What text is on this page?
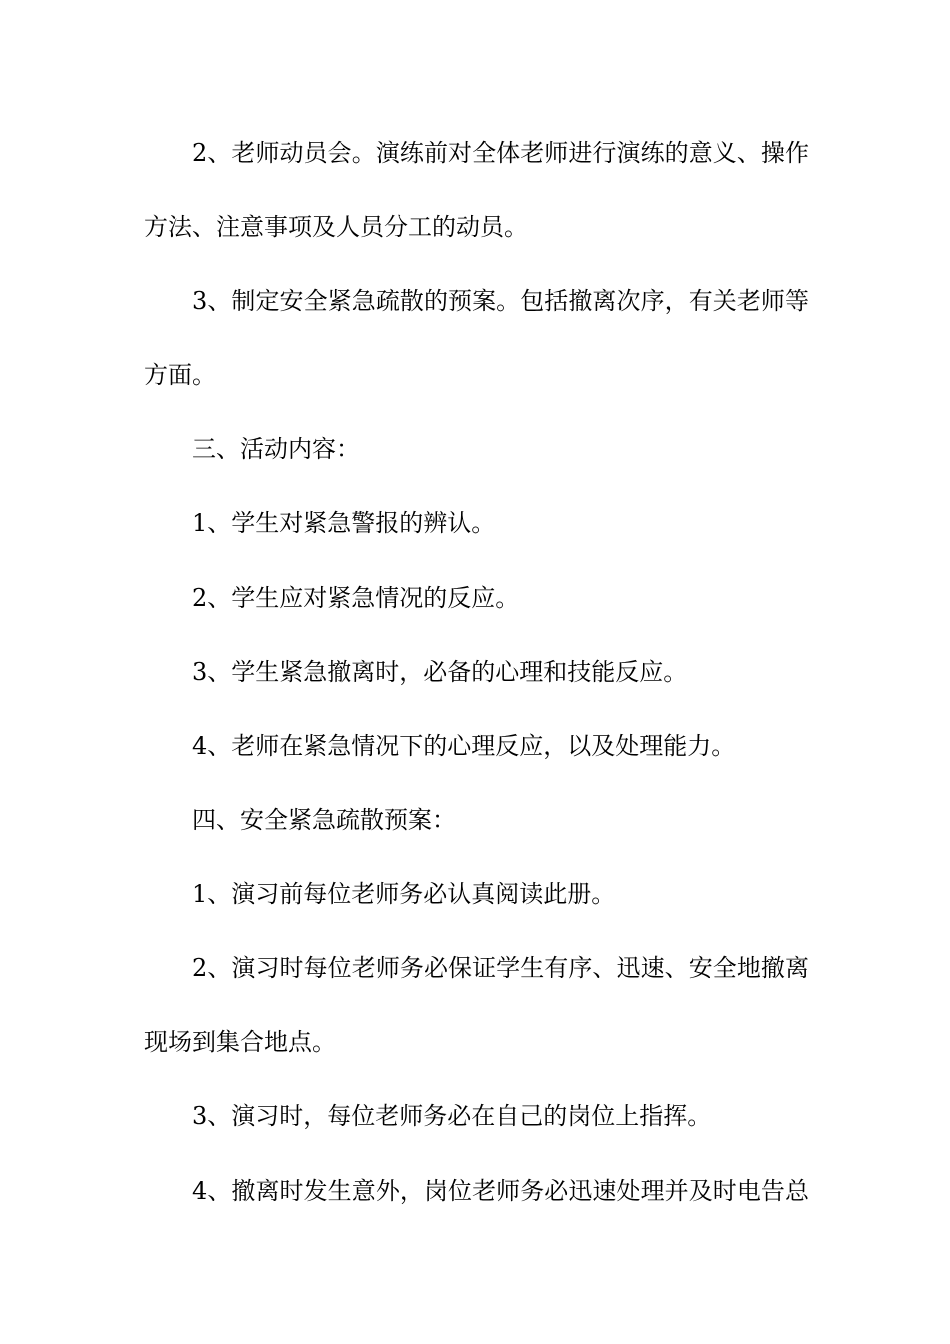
2、老师动员会。演练前对全体老师进行演练的意义、操作
方法、注意事项及人员分工的动员。
3、制定安全紧急疏散的预案。包括撤离次序，有关老师等
方面。
三、活动内容：
1、学生对紧急警报的辨认。
2、学生应对紧急情况的反应。
3、学生紧急撤离时，必备的心理和技能反应。
4、老师在紧急情况下的心理反应，以及处理能力。
四、安全紧急疏散预案：
1、演习前每位老师务必认真阅读此册。
2、演习时每位老师务必保证学生有序、迅速、安全地撤离
现场到集合地点。
3、演习时，每位老师务必在自己的岗位上指挥。
4、撤离时发生意外，岗位老师务必迅速处理并及时电告总
